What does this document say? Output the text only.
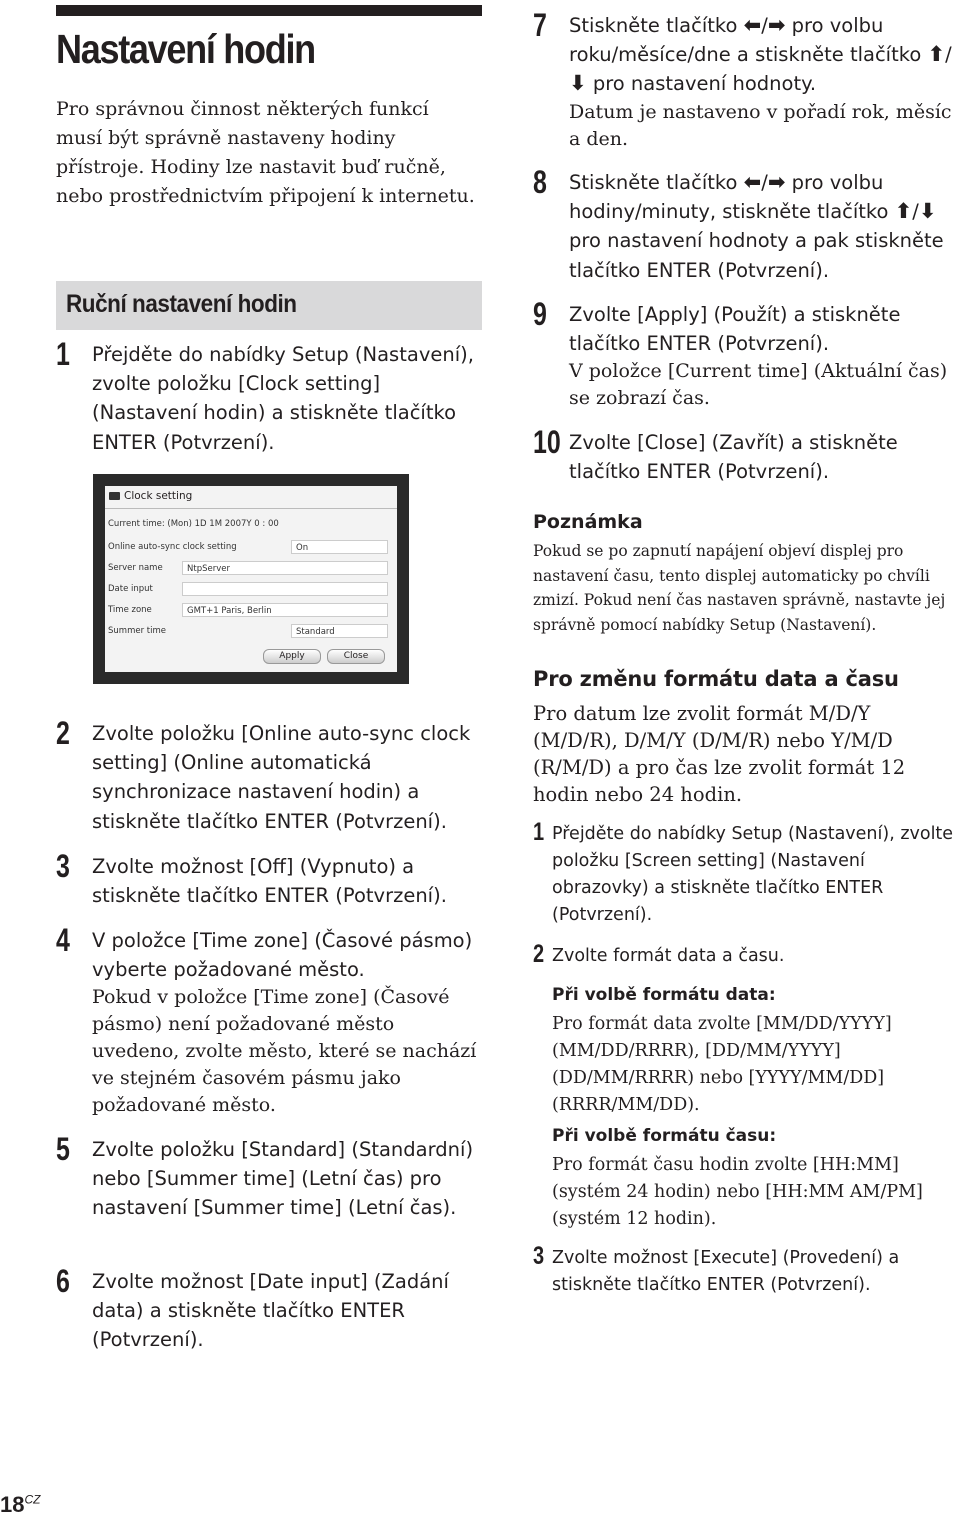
Nastavení hodin

Pro správnou činnost některých funkcí musí být správně nastaveny hodiny přístroje. Hodiny lze nastavit buď ručně, nebo prostřednictvím připojení k internetu.

Ruční nastavení hodin
1 Přejděte do nabídky Setup (Nastavení), zvolte položku [Clock setting] (Nastavení hodin) a stiskněte tlačítko ENTER (Potvrzení).

Clock setting
Current time: (Mon) 1D 1M 2007Y 0 : 00
Online auto-sync clock setting	On
Server name	NtpServer
Date input
Time zone	GMT+1 Paris, Berlin
Summer time	Standard
Apply	Close
2 Zvolte položku [Online auto-sync clock setting] (Online automatická synchronizace nastavení hodin) a stiskněte tlačítko ENTER (Potvrzení).

3 Zvolte možnost [Off] (Vypnuto) a stiskněte tlačítko ENTER (Potvrzení).

4 V položce [Time zone] (Časové pásmo) vyberte požadované město.

Pokud v položce [Time zone] (Časové pásmo) není požadované město uvedeno, zvolte město, které se nachází ve stejném časovém pásmu jako požadované město.

5 Zvolte položku [Standard] (Standardní) nebo [Summer time] (Letní čas) pro nastavení [Summer time] (Letní čas).

6 Zvolte možnost [Date input] (Zadání data) a stiskněte tlačítko ENTER (Potvrzení).

7 Stiskněte tlačítko ⬅/➡ pro volbu roku/měsíce/dne a stiskněte tlačítko ⬆/⬇ pro nastavení hodnoty.

Datum je nastaveno v pořadí rok, měsíc a den.

8 Stiskněte tlačítko ⬅/➡ pro volbu hodiny/minuty, stiskněte tlačítko ⬆/⬇ pro nastavení hodnoty a pak stiskněte tlačítko ENTER (Potvrzení).

9 Zvolte [Apply] (Použít) a stiskněte tlačítko ENTER (Potvrzení).

V položce [Current time] (Aktuální čas) se zobrazí čas.

10 Zvolte [Close] (Zavřít) a stiskněte tlačítko ENTER (Potvrzení).

Poznámka

Pokud se po zapnutí napájení objeví displej pro nastavení času, tento displej automaticky po chvíli zmizí. Pokud není čas nastaven správně, nastavte jej správně pomocí nabídky Setup (Nastavení).

Pro změnu formátu data a času

Pro datum lze zvolit formát M/D/Y (M/D/R), D/M/Y (D/M/R) nebo Y/M/D (R/M/D) a pro čas lze zvolit formát 12 hodin nebo 24 hodin.

1 Přejděte do nabídky Setup (Nastavení), zvolte položku [Screen setting] (Nastavení obrazovky) a stiskněte tlačítko ENTER (Potvrzení).

2 Zvolte formát data a času.

Při volbě formátu data:

Pro formát data zvolte [MM/DD/YYYY] (MM/DD/RRRR), [DD/MM/YYYY] (DD/MM/RRRR) nebo [YYYY/MM/DD] (RRRR/MM/DD).

Při volbě formátu času:

Pro formát času hodin zvolte [HH:MM] (systém 24 hodin) nebo [HH:MM AM/PM] (systém 12 hodin).

3 Zvolte možnost [Execute] (Provedení) a stiskněte tlačítko ENTER (Potvrzení).

$18^{CZ}$
